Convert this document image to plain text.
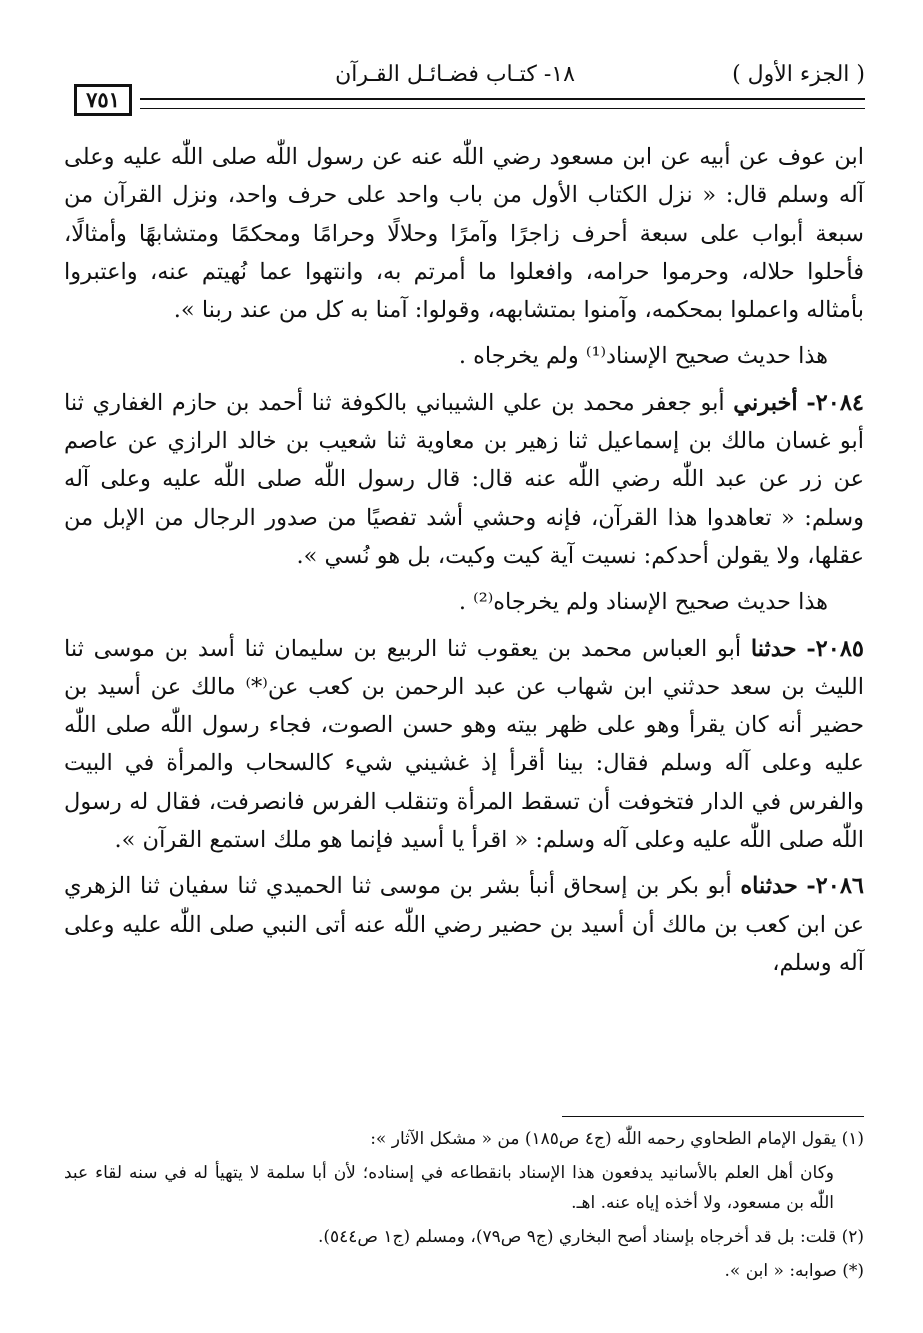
( الجزء الأول )
١٨- كتـاب فضـائـل القـرآن
٧٥١

ابن عوف عن أبيه عن ابن مسعود رضي اللّٰه عنه عن رسول اللّٰه صلى اللّٰه عليه وعلى آله وسلم قال: « نزل الكتاب الأول من باب واحد على حرف واحد، ونزل القرآن من سبعة أبواب على سبعة أحرف زاجرًا وآمرًا وحلالًا وحرامًا ومحكمًا ومتشابهًا وأمثالًا، فأحلوا حلاله، وحرموا حرامه، وافعلوا ما أمرتم به، وانتهوا عما نُهيتم عنه، واعتبروا بأمثاله واعملوا بمحكمه، وآمنوا بمتشابهه، وقولوا: آمنا به كل من عند ربنا ».

هذا حديث صحيح الإسناد⁽¹⁾ ولم يخرجاه .

٢٠٨٤- أخبرني أبو جعفر محمد بن علي الشيباني بالكوفة ثنا أحمد بن حازم الغفاري ثنا أبو غسان مالك بن إسماعيل ثنا زهير بن معاوية ثنا شعيب بن خالد الرازي عن عاصم عن زر عن عبد اللّٰه رضي اللّٰه عنه قال: قال رسول اللّٰه صلى اللّٰه عليه وعلى آله وسلم: « تعاهدوا هذا القرآن، فإنه وحشي أشد تفصيًا من صدور الرجال من الإبل من عقلها، ولا يقولن أحدكم: نسيت آية كيت وكيت، بل هو نُسي ».

هذا حديث صحيح الإسناد ولم يخرجاه⁽²⁾ .

٢٠٨٥- حدثنا أبو العباس محمد بن يعقوب ثنا الربيع بن سليمان ثنا أسد بن موسى ثنا الليث بن سعد حدثني ابن شهاب عن عبد الرحمن بن كعب عن⁽*⁾ مالك عن أسيد بن حضير أنه كان يقرأ وهو على ظهر بيته وهو حسن الصوت، فجاء رسول اللّٰه صلى اللّٰه عليه وعلى آله وسلم فقال: بينا أقرأ إذ غشيني شيء كالسحاب والمرأة في البيت والفرس في الدار فتخوفت أن تسقط المرأة وتنقلب الفرس فانصرفت، فقال له رسول اللّٰه صلى اللّٰه عليه وعلى آله وسلم: « اقرأ يا أسيد فإنما هو ملك استمع القرآن ».

٢٠٨٦- حدثناه أبو بكر بن إسحاق أنبأ بشر بن موسى ثنا الحميدي ثنا سفيان ثنا الزهري عن ابن كعب بن مالك أن أسيد بن حضير رضي اللّٰه عنه أتى النبي صلى اللّٰه عليه وعلى آله وسلم،

(١) يقول الإمام الطحاوي رحمه اللّٰه (ج٤ ص١٨٥) من « مشكل الآثار »:

وكان أهل العلم بالأسانيد يدفعون هذا الإسناد بانقطاعه في إسناده؛ لأن أبا سلمة لا يتهيأ له في سنه لقاء عبد اللّٰه بن مسعود، ولا أخذه إياه عنه. اهـ.

(٢) قلت: بل قد أخرجاه بإسناد أصح البخاري (ج٩ ص٧٩)، ومسلم (ج١ ص٥٤٤).

(*) صوابه: « ابن ».
